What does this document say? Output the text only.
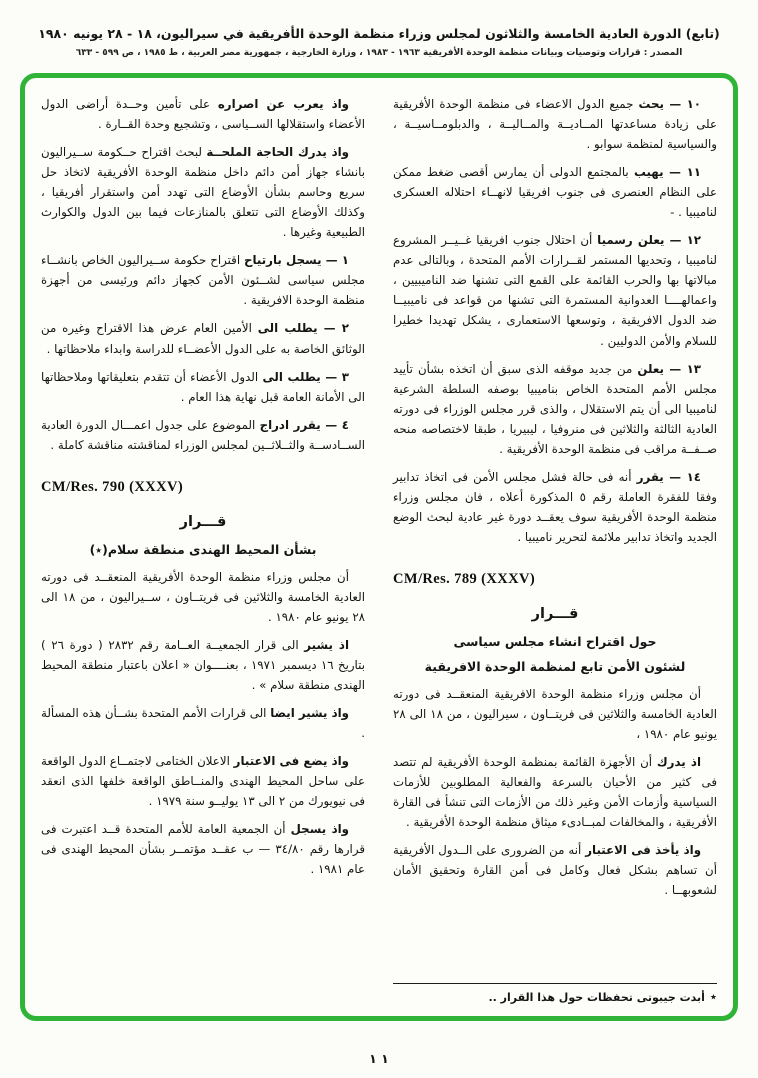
(تابع) الدورة العادية الخامسة والثلاثون لمجلس وزراء منظمة الوحدة الأفريقية في سيراليون، ١٨ - ٢٨ يونيه ١٩٨٠
المصدر : قرارات وتوصيات وبيانات منظمة الوحدة الأفريقية ١٩٦٣ - ١٩٨٣ ، وزارة الخارجية ، جمهورية مصر العربية ، ط ١٩٨٥ ، ص ٥٩٩ - ٦٣٣

١٠ — يحث جميع الدول الاعضاء فى منظمة الوحدة الأفريقية على زيادة مساعدتها المــاديــة والمــاليــة ، والدبلومــاسيــة ، والسياسية لمنظمة سوابو .

١١ — يهيب بالمجتمع الدولى أن يمارس أقصى ضغط ممكن على النظام العنصرى فى جنوب افريقيا لانهــاء احتلاله العسكرى لناميبيا . -

١٢ — يعلن رسميا أن احتلال جنوب افريقيا غــيــر المشروع لناميبيا ، وتحديها المستمر لقــرارات الأمم المتحدة ، وبالتالى عدم مبالاتها بها والحرب القائمة على القمع التى تشنها ضد الناميبيين ، واعمالهــــا العدوانية المستمرة التى تشنها من قواعد فى ناميبيــا ضد الدول الافريقية ، وتوسعها الاستعمارى ، يشكل تهديدا خطيرا للسلام والأمن الدوليين .

١٣ — يعلن من جديد موقفه الذى سبق أن اتخذه بشأن تأييد مجلس الأمم المتحدة الخاص بناميبيا بوصفه السلطة الشرعية لناميبيا الى أن يتم الاستقلال ، والذى قرر مجلس الوزراء فى دورته العادية الثالثة والثلاثين فى منروفيا ، ليبيريا ، طبقا لاختصاصه منحه صــفــة مراقب فى منظمة الوحدة الأفريقية .

١٤ — يقرر أنه فى حالة فشل مجلس الأمن فى اتخاذ تدابير وفقا للفقرة العاملة رقم ٥ المذكورة أعلاه ، فان مجلس وزراء منظمة الوحدة الأفريقية سوف يعقــد دورة غير عادية لبحث الوضع الجديد واتخاذ تدابير ملائمة لتحرير ناميبيا .

CM/Res. 789 (XXXV)
قـــرار
حول اقتراح انشاء مجلس سياسى
لشئون الأمن تابع لمنظمة الوحدة الافريقية

أن مجلس وزراء منظمة الوحدة الافريقية المنعقــد فى دورته العادية الخامسة والثلاثين فى فريتــاون ، سيراليون ، من ١٨ الى ٢٨ يونيو عام ١٩٨٠ ،

اذ يدرك أن الأجهزة القائمة بمنظمة الوحدة الأفريقية لم تتصد فى كثير من الأحيان بالسرعة والفعالية المطلوبين للأزمات السياسية وأزمات الأمن وغير ذلك من الأزمات التى تنشأ فى القارة الأفريقية ، والمخالفات لمبــادىء ميثاق منظمة الوحدة الأفريقية .

واذ يأخذ فى الاعتبار أنه من الضرورى على الــدول الأفريقية أن تساهم بشكل فعال وكامل فى أمن القارة وتحقيق الأمان لشعوبهــا .

٭
أبدت جيبوتى تحفظات حول هذا القرار ..

واذ يعرب عن اصراره على تأمين وحــدة أراضى الدول الأعضاء واستقلالها الســياسى ، وتشجيع وحدة القــارة .

واذ يدرك الحاجة الملحــة لبحث اقتراح حــكومة ســيراليون بانشاء جهاز أمن دائم داخل منظمة الوحدة الأفريقية لاتخاذ حل سريع وحاسم بشأن الأوضاع التى تهدد أمن واستقرار أفريقيا ، وكذلك الأوضاع التى تتعلق بالمنازعات فيما بين الدول والكوارث الطبيعية وغيرها .

١ — يسجل بارتياح اقتراح حكومة ســيراليون الخاص بانشــاء مجلس سياسى لشــئون الأمن كجهاز دائم ورئيسى من أجهزة منظمة الوحدة الافريقية .

٢ — يطلب الى الأمين العام عرض هذا الاقتراح وغيره من الوثائق الخاصة به على الدول الأعضــاء للدراسة وابداء ملاحظاتها .

٣ — يطلب الى الدول الأعضاء أن تتقدم بتعليقاتها وملاحظاتها الى الأمانة العامة قبل نهاية هذا العام .

٤ — يقرر ادراج الموضوع على جدول اعمـــال الدورة العادية الســادســة والثــلاثــين لمجلس الوزراء لمناقشته مناقشة كاملة .

CM/Res. 790 (XXXV)
قـــرار
بشأن المحيط الهندى منطقة سلام(٭)

أن مجلس وزراء منظمة الوحدة الأفريقية المنعقــد فى دورته العادية الخامسة والثلاثين فى فريتــاون ، ســيراليون ، من ١٨ الى ٢٨ يونيو عام ١٩٨٠ .

اذ يشير الى قرار الجمعيــة العــامة رقم ٢٨٣٢ ( دورة ٢٦ ) بتاريخ ١٦ ديسمبر ١٩٧١ ، بعنــــوان « اعلان باعتبار منطقة المحيط الهندى منطقة سلام » .

واذ يشير ايضا الى قرارات الأمم المتحدة بشــأن هذه المسألة .

واذ يضع فى الاعتبار الاعلان الختامى لاجتمــاع الدول الواقعة على ساحل المحيط الهندى والمنــاطق الواقعة خلفها الذى انعقد فى نيويورك من ٢ الى ١٣ يوليــو سنة ١٩٧٩ .

واذ يسجل أن الجمعية العامة للأمم المتحدة قــد اعتبرت فى قرارها رقم ٣٤/٨٠ — ب عقــد مؤتمــر بشأن المحيط الهندى فى عام ١٩٨١ .

١ ١
